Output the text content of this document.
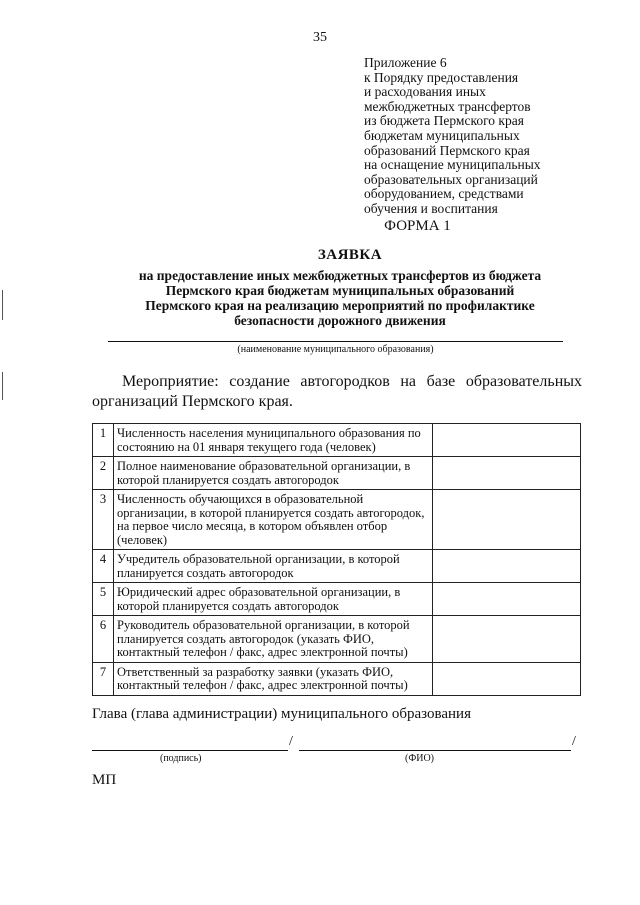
35
Приложение 6
к Порядку предоставления
и расходования иных
межбюджетных трансфертов
из бюджета Пермского края
бюджетам муниципальных
образований Пермского края
на оснащение муниципальных
образовательных организаций
оборудованием, средствами
обучения и воспитания
ФОРМА 1
ЗАЯВКА
на предоставление иных межбюджетных трансфертов из бюджета
Пермского края бюджетам муниципальных образований
Пермского края на реализацию мероприятий по профилактике
безопасности дорожного движения
(наименование муниципального образования)
Мероприятие: создание автогородков на базе образовательных организаций Пермского края.
1	Численность населения муниципального образования по состоянию на 01 января текущего года (человек)	
2	Полное наименование образовательной организации, в которой планируется создать автогородок	
3	Численность обучающихся в образовательной организации, в которой планируется создать автогородок, на первое число месяца, в котором объявлен отбор (человек)	
4	Учредитель образовательной организации, в которой планируется создать автогородок	
5	Юридический адрес образовательной организации, в которой планируется создать автогородок	
6	Руководитель образовательной организации, в которой планируется создать автогородок (указать ФИО, контактный телефон / факс, адрес электронной почты)	
7	Ответственный за разработку заявки (указать ФИО, контактный телефон / факс, адрес электронной почты)	
Глава (глава администрации) муниципального образования
/	/
(подпись)	(ФИО)
МП
